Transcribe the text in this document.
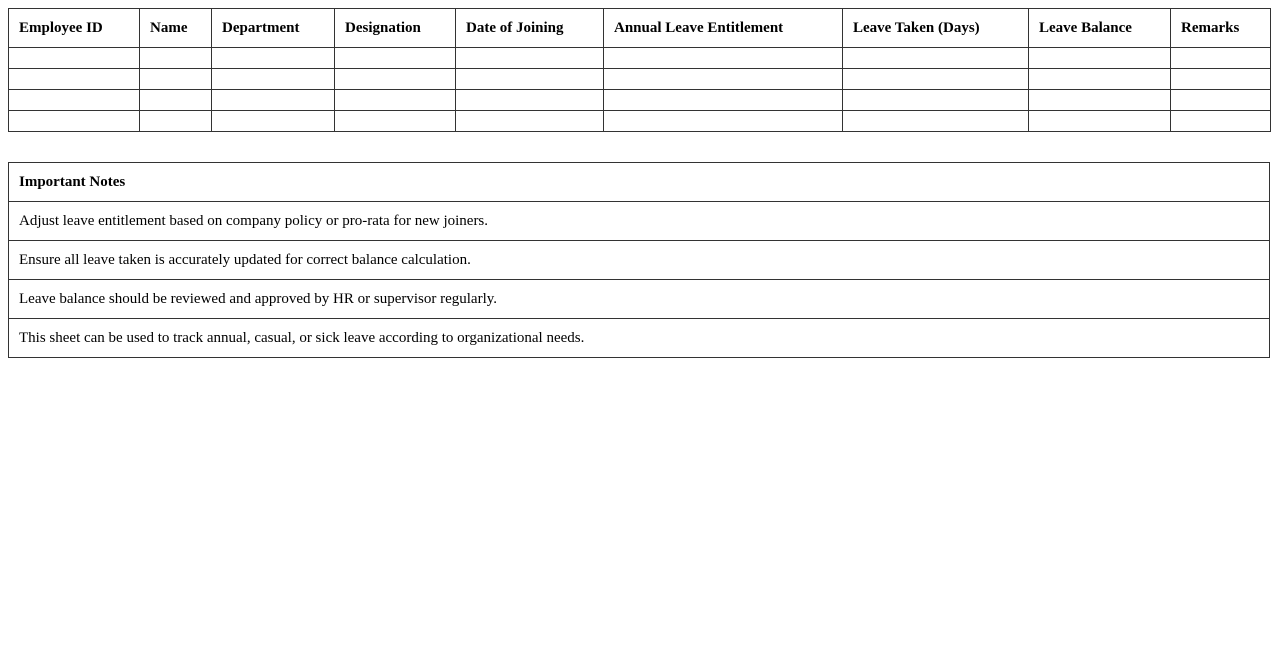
Employee ID	Name	Department	Designation	Date of Joining	Annual Leave Entitlement	Leave Taken (Days)	Leave Balance	Remarks

Important Notes
Adjust leave entitlement based on company policy or pro-rata for new joiners.
Ensure all leave taken is accurately updated for correct balance calculation.
Leave balance should be reviewed and approved by HR or supervisor regularly.
This sheet can be used to track annual, casual, or sick leave according to organizational needs.
